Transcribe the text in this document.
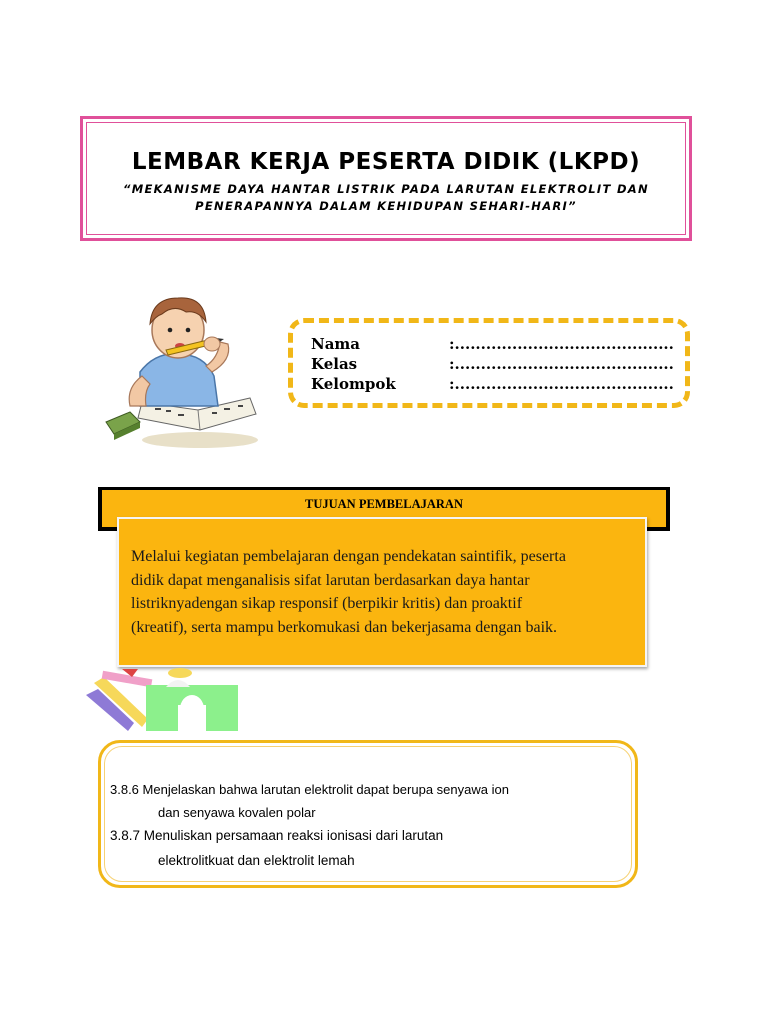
LEMBAR KERJA PESERTA DIDIK (LKPD)
“MEKANISME DAYA HANTAR LISTRIK PADA LARUTAN ELEKTROLIT DAN
PENERAPANNYA DALAM KEHIDUPAN SEHARI-HARI”
Nama	:..........................................
Kelas	:..........................................
Kelompok	:..........................................
TUJUAN PEMBELAJARAN
Melalui kegiatan pembelajaran dengan pendekatan saintifik, peserta
didik dapat menganalisis sifat larutan berdasarkan daya hantar
listriknyadengan sikap responsif (berpikir kritis) dan proaktif
(kreatif), serta mampu berkomukasi dan bekerjasama dengan baik.
3.8.6 Menjelaskan bahwa larutan elektrolit dapat berupa senyawa ion
dan senyawa kovalen polar
3.8.7 Menuliskan persamaan reaksi ionisasi dari larutan
elektrolitkuat dan elektrolit lemah
